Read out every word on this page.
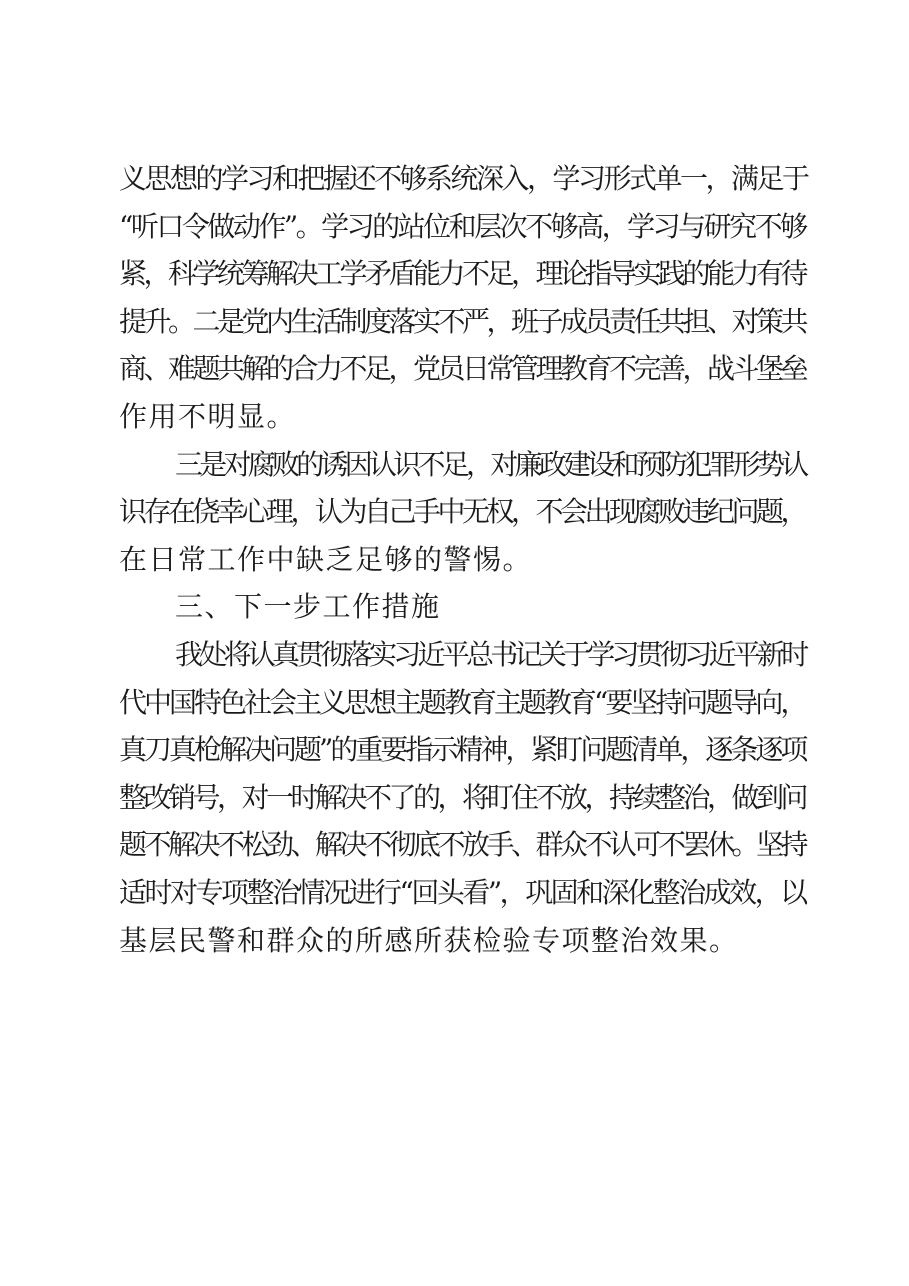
义思想的学习和把握还不够系统深入，学习形式单一，满足于
“听口令做动作”。学习的站位和层次不够高，学习与研究不够
紧，科学统筹解决工学矛盾能力不足，理论指导实践的能力有待
提升。二是党内生活制度落实不严，班子成员责任共担、对策共
商、难题共解的合力不足，党员日常管理教育不完善，战斗堡垒
作用不明显。
三是对腐败的诱因认识不足，对廉政建设和预防犯罪形势认
识存在侥幸心理，认为自己手中无权，不会出现腐败违纪问题，
在日常工作中缺乏足够的警惕。
三、下一步工作措施
我处将认真贯彻落实习近平总书记关于学习贯彻习近平新时
代中国特色社会主义思想主题教育主题教育“要坚持问题导向，
真刀真枪解决问题”的重要指示精神，紧盯问题清单，逐条逐项
整改销号，对一时解决不了的，将盯住不放，持续整治，做到问
题不解决不松劲、解决不彻底不放手、群众不认可不罢休。坚持
适时对专项整治情况进行“回头看”，巩固和深化整治成效，以
基层民警和群众的所感所获检验专项整治效果。
